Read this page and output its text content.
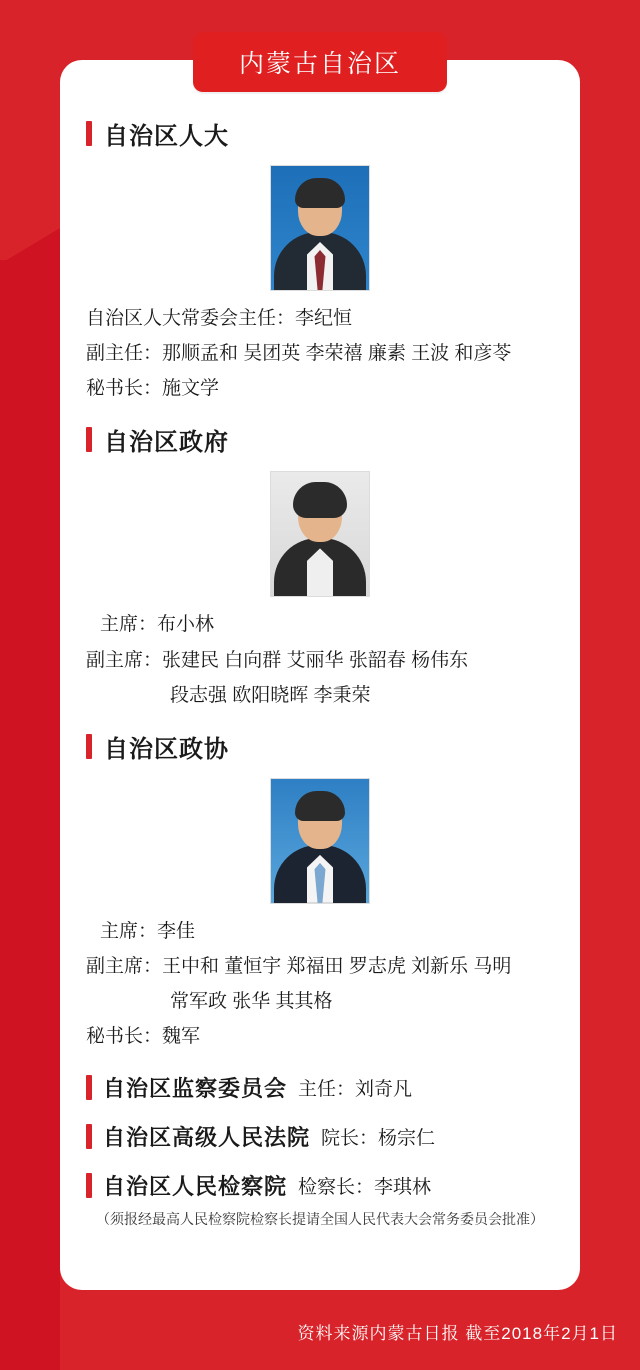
内蒙古自治区
自治区人大
自治区人大常委会主任：李纪恒
副主任：那顺孟和 吴团英 李荣禧 廉素 王波 和彦苓
秘书长：施文学
自治区政府
主席：布小林
副主席：张建民 白向群 艾丽华 张韶春 杨伟东
段志强 欧阳晓晖 李秉荣
自治区政协
主席：李佳
副主席：王中和 董恒宇 郑福田 罗志虎 刘新乐 马明
常军政 张华 其其格
秘书长：魏军
自治区监察委员会 主任：刘奇凡
自治区高级人民法院 院长：杨宗仁
自治区人民检察院 检察长：李琪林
（须报经最高人民检察院检察长提请全国人民代表大会常务委员会批准）
资料来源内蒙古日报 截至2018年2月1日
